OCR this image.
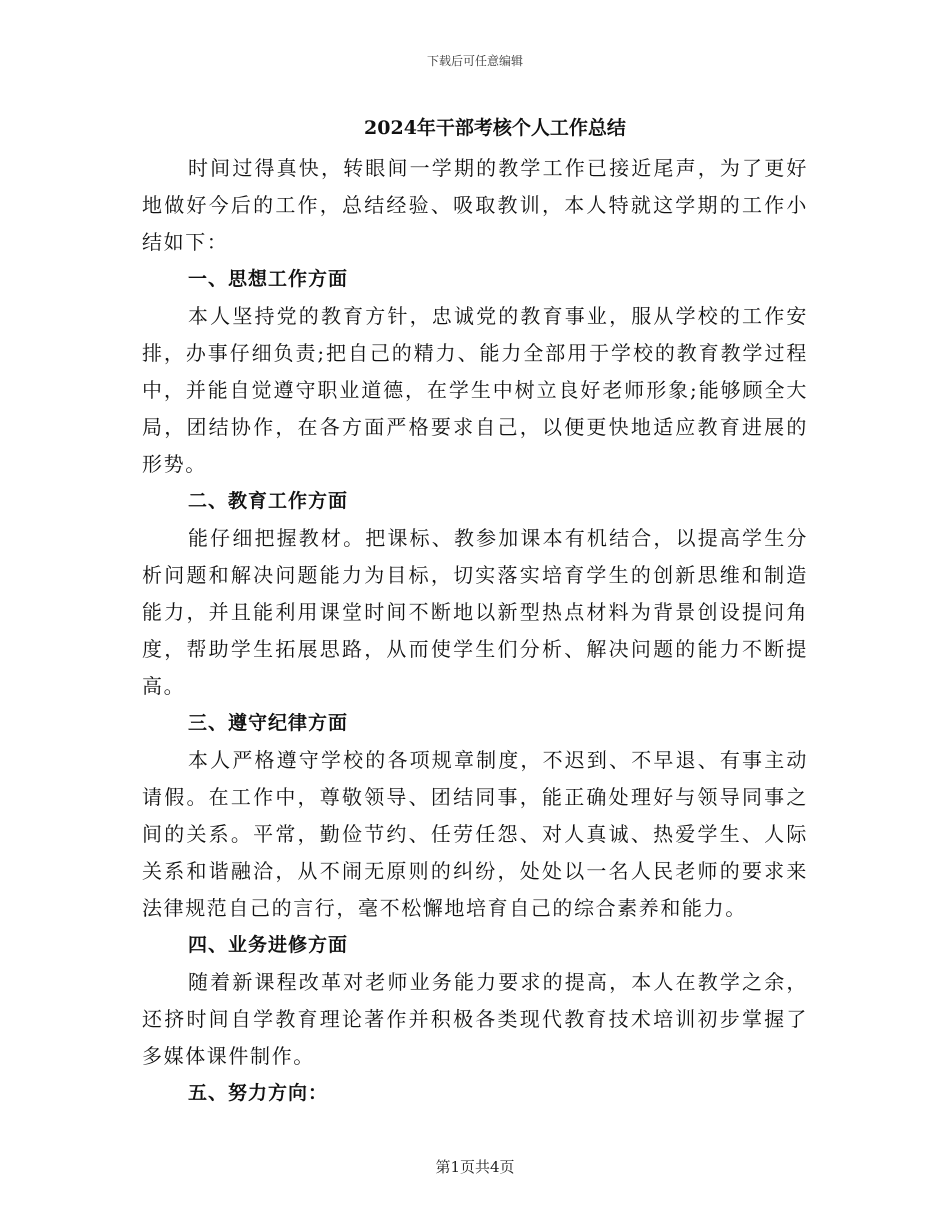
下载后可任意编辑
2024年干部考核个人工作总结

时间过得真快，转眼间一学期的教学工作已接近尾声，为了更好地做好今后的工作，总结经验、吸取教训，本人特就这学期的工作小结如下：

一、思想工作方面

本人坚持党的教育方针，忠诚党的教育事业，服从学校的工作安排，办事仔细负责;把自己的精力、能力全部用于学校的教育教学过程中，并能自觉遵守职业道德，在学生中树立良好老师形象;能够顾全大局，团结协作，在各方面严格要求自己，以便更快地适应教育进展的形势。

二、教育工作方面

能仔细把握教材。把课标、教参加课本有机结合，以提高学生分析问题和解决问题能力为目标，切实落实培育学生的创新思维和制造能力，并且能利用课堂时间不断地以新型热点材料为背景创设提问角度，帮助学生拓展思路，从而使学生们分析、解决问题的能力不断提高。

三、遵守纪律方面

本人严格遵守学校的各项规章制度，不迟到、不早退、有事主动请假。在工作中，尊敬领导、团结同事，能正确处理好与领导同事之间的关系。平常，勤俭节约、任劳任怨、对人真诚、热爱学生、人际关系和谐融洽，从不闹无原则的纠纷，处处以一名人民老师的要求来法律规范自己的言行，毫不松懈地培育自己的综合素养和能力。

四、业务进修方面

随着新课程改革对老师业务能力要求的提高，本人在教学之余，还挤时间自学教育理论著作并积极各类现代教育技术培训初步掌握了多媒体课件制作。

五、努力方向：
第1页共4页
